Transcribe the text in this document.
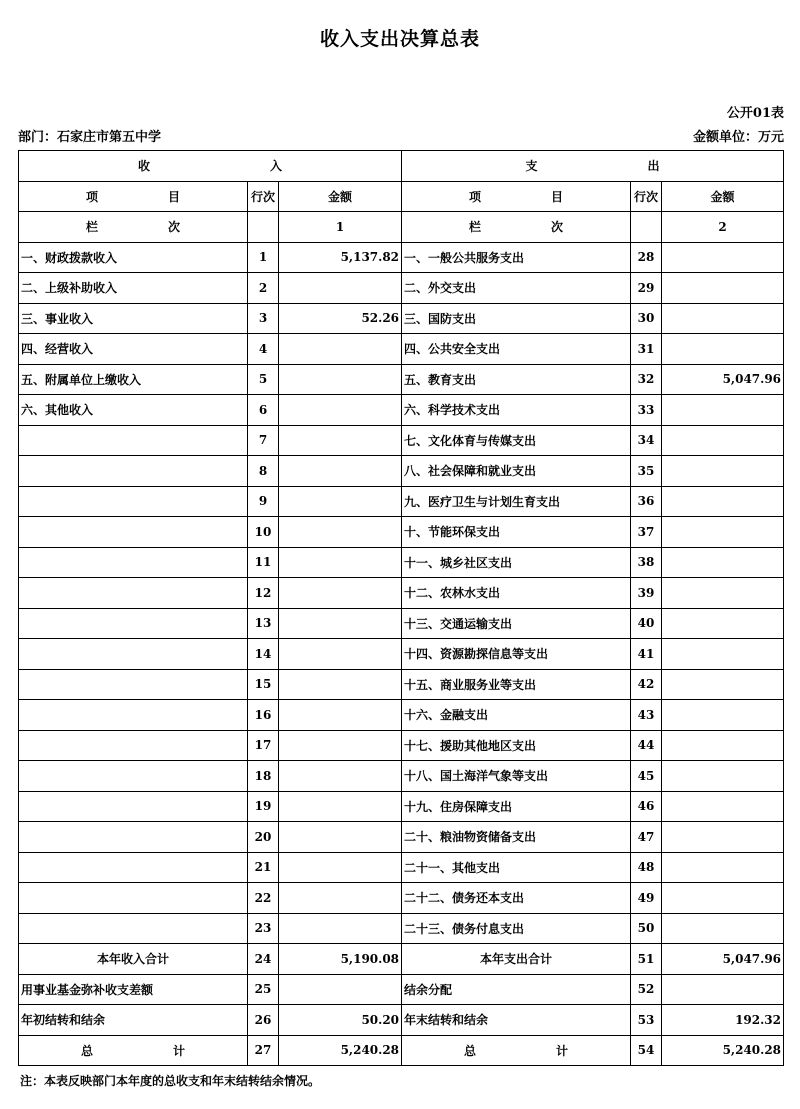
收入支出决算总表
公开01表
部门：石家庄市第五中学	金额单位：万元
收 入			支 出		
项 目	行次	金额	项 目	行次	金额
栏 次		1	栏 次		2
一、财政拨款收入	1	5,137.82	一、一般公共服务支出	28	
二、上级补助收入	2		二、外交支出	29	
三、事业收入	3	52.26	三、国防支出	30	
四、经营收入	4		四、公共安全支出	31	
五、附属单位上缴收入	5		五、教育支出	32	5,047.96
六、其他收入	6		六、科学技术支出	33	
	7		七、文化体育与传媒支出	34	
	8		八、社会保障和就业支出	35	
	9		九、医疗卫生与计划生育支出	36	
	10		十、节能环保支出	37	
	11		十一、城乡社区支出	38	
	12		十二、农林水支出	39	
	13		十三、交通运输支出	40	
	14		十四、资源勘探信息等支出	41	
	15		十五、商业服务业等支出	42	
	16		十六、金融支出	43	
	17		十七、援助其他地区支出	44	
	18		十八、国土海洋气象等支出	45	
	19		十九、住房保障支出	46	
	20		二十、粮油物资储备支出	47	
	21		二十一、其他支出	48	
	22		二十二、债务还本支出	49	
	23		二十三、债务付息支出	50	
本年收入合计	24	5,190.08	本年支出合计	51	5,047.96
用事业基金弥补收支差额	25		结余分配	52	
年初结转和结余	26	50.20	年末结转和结余	53	192.32
总 计	27	5,240.28	总 计	54	5,240.28
注：本表反映部门本年度的总收支和年末结转结余情况。
